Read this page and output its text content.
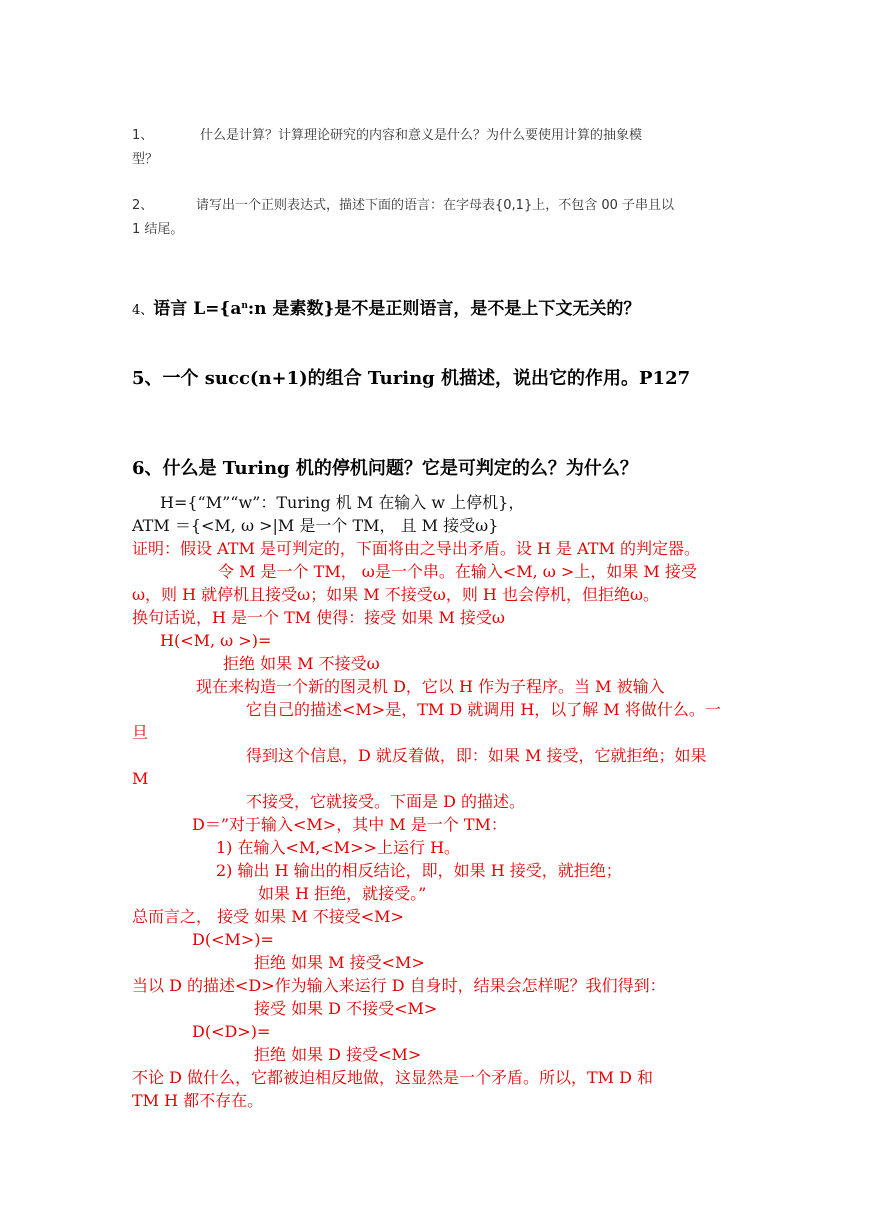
1、	什么是计算？计算理论研究的内容和意义是什么？为什么要使用计算的抽象模
型？
2、	请写出一个正则表达式，描述下面的语言：在字母表{0,1}上，不包含 00 子串且以
1 结尾。
4、语言 $L=\{a^n:n$ 是素数}是不是正则语言，是不是上下文无关的？
5、一个 succ(n+1)的组合 Turing 机描述，说出它的作用。P127
6、什么是 Turing 机的停机问题？它是可判定的么？为什么？
H={“M”“w”：Turing 机 M 在输入 w 上停机}，
ATM ＝{<M, ω >|M 是一个 TM， 且 M 接受ω}
证明：假设 ATM 是可判定的，下面将由之导出矛盾。设 H 是 ATM 的判定器。
令 M 是一个 TM， ω是一个串。在输入<M, ω >上，如果 M 接受
ω，则 H 就停机且接受ω；如果 M 不接受ω，则 H 也会停机，但拒绝ω。
换句话说，H 是一个 TM 使得：接受 如果 M 接受ω
H(<M, ω >)=
拒绝 如果 M 不接受ω
现在来构造一个新的图灵机 D，它以 H 作为子程序。当 M 被输入
它自己的描述<M>是，TM D 就调用 H，以了解 M 将做什么。一
旦
得到这个信息，D 就反着做，即：如果 M 接受，它就拒绝；如果
M
不接受，它就接受。下面是 D 的描述。
D＝”对于输入<M>，其中 M 是一个 TM：
1) 在输入<M,<M>>上运行 H。
2) 输出 H 输出的相反结论，即，如果 H 接受，就拒绝；
如果 H 拒绝，就接受。”
总而言之， 接受 如果 M 不接受<M>
D(<M>)=
拒绝 如果 M 接受<M>
当以 D 的描述<D>作为输入来运行 D 自身时，结果会怎样呢？我们得到：
接受 如果 D 不接受<M>
D(<D>)=
拒绝 如果 D 接受<M>
不论 D 做什么，它都被迫相反地做，这显然是一个矛盾。所以，TM D 和
TM H 都不存在。
